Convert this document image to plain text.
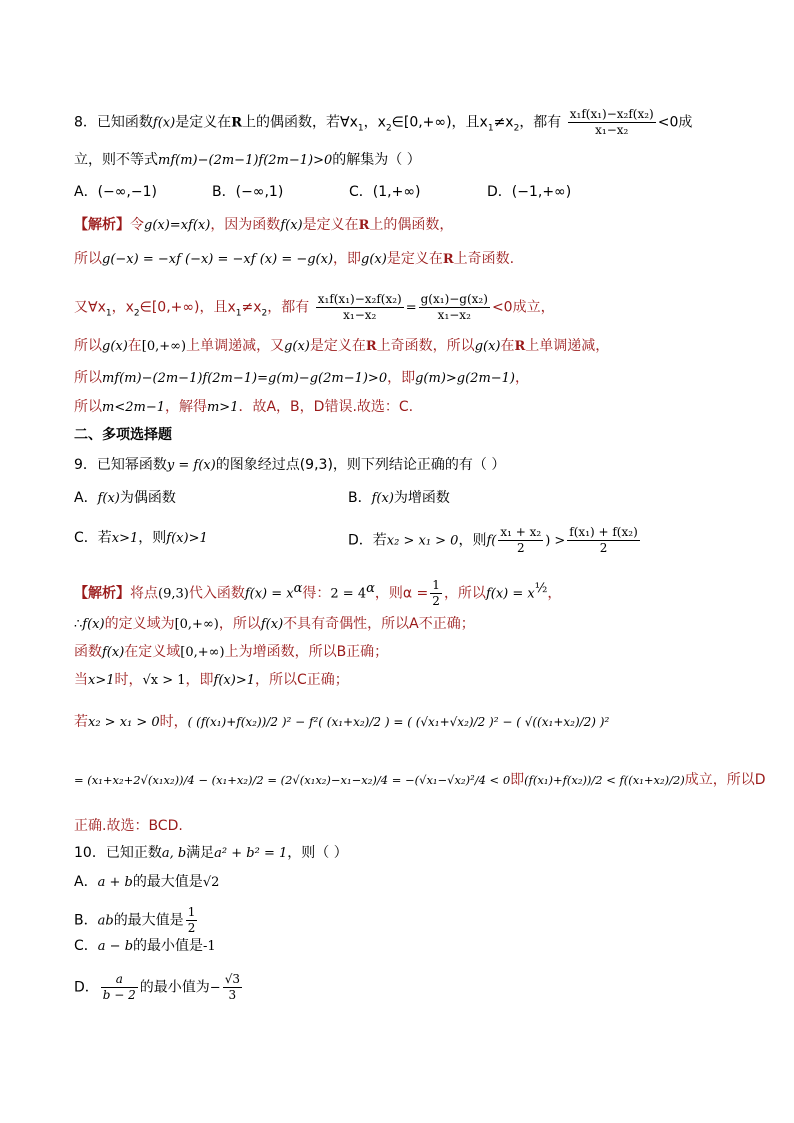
8．已知函数f(x)是定义在R上的偶函数，若$\forall x_1$，$x_2\in[0,+\infty)$，且$x_1\ne x_2$，都有 $\frac{\text{x₁f(x₁)−x₂f(x₂)}}{\text{x₁−x₂}} <0$成
立，则不等式mf(m)−(2m−1)f(2m−1)>0的解集为（ ）
A．(−∞,−1)	B．(−∞,1)	C．(1,+∞)	D．(−1,+∞)
【解析】令g(x)=xf(x)，因为函数f(x)是定义在R上的偶函数，
所以g(−x) = −xf (−x) = −xf (x) = −g(x)，即g(x)是定义在R上奇函数.
又$\forall x_1$，$x_2\in[0,+\infty)$，且$x_1\ne x_2$，都有 $\frac{\text{x₁f(x₁)−x₂f(x₂)}}{\text{x₁−x₂}} = \frac{\text{g(x₁)−g(x₂)}}{\text{x₁−x₂}} <0$成立，
所以g(x)在[0,+∞)上单调递减，又g(x)是定义在R上奇函数，所以g(x)在R上单调递减，
所以mf(m)−(2m−1)f(2m−1)=g(m)−g(2m−1)>0，即g(m)>g(2m−1)，
所以m<2m−1，解得m>1．故A，B，D错误.故选：C.
二、多项选择题
9．已知幂函数y = f(x)的图象经过点(9,3)，则下列结论正确的有（ ）
A．f(x)为偶函数	B．f(x)为增函数
C．若x>1，则f(x)>1	D．若x₂ > x₁ > 0，则$f( \frac{\text{x₁ + x₂}}{2}$ ) > $\frac{\text{f(x₁) + f(x₂)}}{2}$
【解析】将点(9,3)代入函数$f(x) = x^\alpha$得：$2 = 4^\alpha$，则$\alpha = \frac{1}{2}$ ，所以$f(x) = x^{\frac{1}{2}}$，
∴f(x)的定义域为[0,+∞)，所以f(x)不具有奇偶性，所以A不正确；
函数f(x)在定义域[0,+∞)上为增函数，所以B正确；
当x>1时，√x > 1，即f(x)>1，所以C正确；
若x₂ > x₁ > 0时，( (f(x₁)+f(x₂))/2 )² − f²( (x₁+x₂)/2 ) = ( (√x₁+√x₂)/2 )² − ( √((x₁+x₂)/2) )²
= (x₁+x₂+2√(x₁x₂))/4 − (x₁+x₂)/2 = (2√(x₁x₂)−x₁−x₂)/4 = −(√x₁−√x₂)²/4 < 0即(f(x₁)+f(x₂))/2 < f((x₁+x₂)/2)成立，所以D
正确.故选：BCD.
10．已知正数a, b满足a² + b² = 1，则（ ）
A．a + b的最大值是√2
B．ab的最大值是 $\frac{1}{2}$
C．a − b的最小值是-1
D． $\frac{a}{b - 2}$ 的最小值为− $\frac{√3}{3}$
